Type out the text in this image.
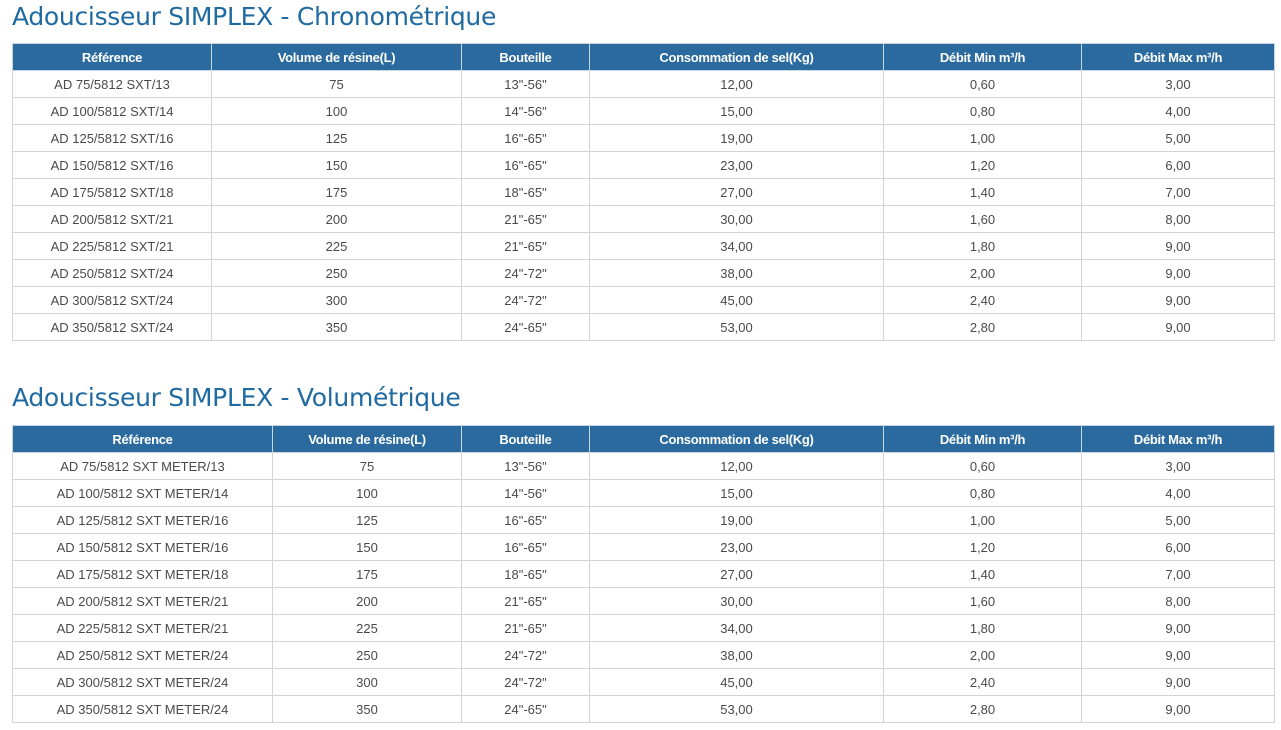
Adoucisseur SIMPLEX - Chronométrique
Référence	Volume de résine(L)	Bouteille	Consommation de sel(Kg)	Débit Min m³/h	Débit Max m³/h
AD 75/5812 SXT/13	75	13"-56"	12,00	0,60	3,00
AD 100/5812 SXT/14	100	14"-56"	15,00	0,80	4,00
AD 125/5812 SXT/16	125	16"-65"	19,00	1,00	5,00
AD 150/5812 SXT/16	150	16"-65"	23,00	1,20	6,00
AD 175/5812 SXT/18	175	18"-65"	27,00	1,40	7,00
AD 200/5812 SXT/21	200	21"-65"	30,00	1,60	8,00
AD 225/5812 SXT/21	225	21"-65"	34,00	1,80	9,00
AD 250/5812 SXT/24	250	24"-72"	38,00	2,00	9,00
AD 300/5812 SXT/24	300	24"-72"	45,00	2,40	9,00
AD 350/5812 SXT/24	350	24"-65"	53,00	2,80	9,00
Adoucisseur SIMPLEX - Volumétrique
Référence	Volume de résine(L)	Bouteille	Consommation de sel(Kg)	Débit Min m³/h	Débit Max m³/h
AD 75/5812 SXT METER/13	75	13"-56"	12,00	0,60	3,00
AD 100/5812 SXT METER/14	100	14"-56"	15,00	0,80	4,00
AD 125/5812 SXT METER/16	125	16"-65"	19,00	1,00	5,00
AD 150/5812 SXT METER/16	150	16"-65"	23,00	1,20	6,00
AD 175/5812 SXT METER/18	175	18"-65"	27,00	1,40	7,00
AD 200/5812 SXT METER/21	200	21"-65"	30,00	1,60	8,00
AD 225/5812 SXT METER/21	225	21"-65"	34,00	1,80	9,00
AD 250/5812 SXT METER/24	250	24"-72"	38,00	2,00	9,00
AD 300/5812 SXT METER/24	300	24"-72"	45,00	2,40	9,00
AD 350/5812 SXT METER/24	350	24"-65"	53,00	2,80	9,00
